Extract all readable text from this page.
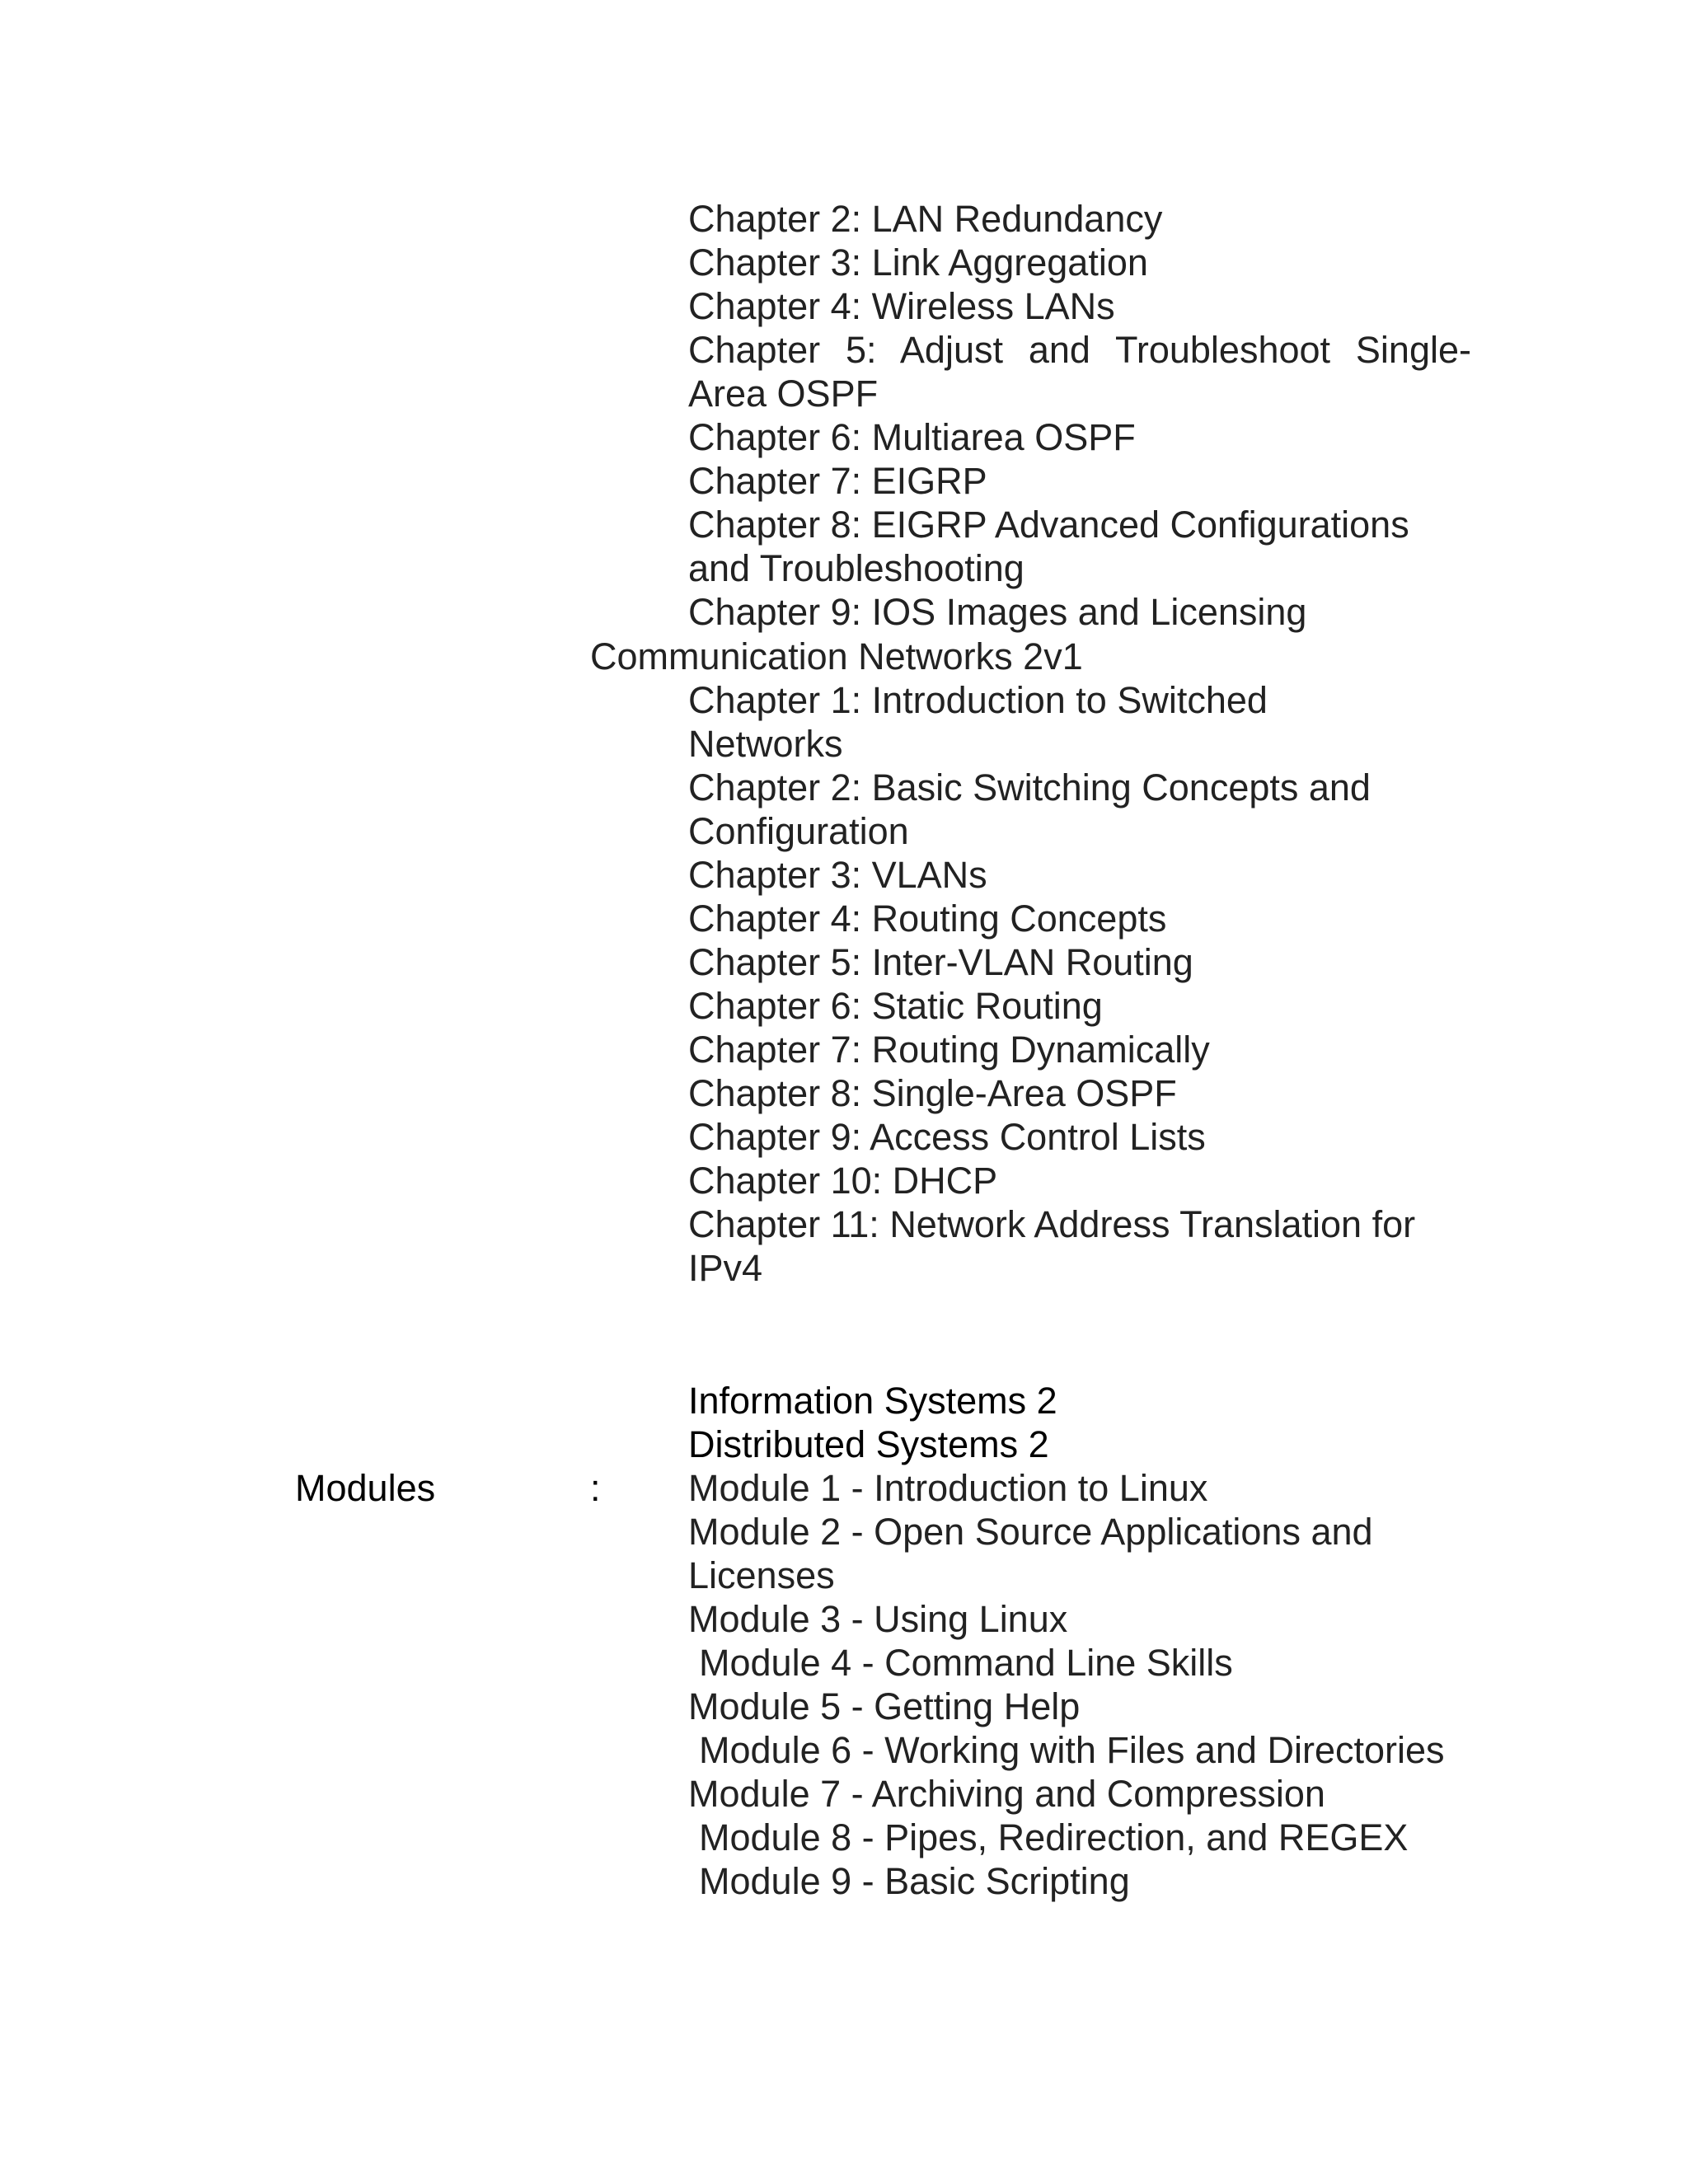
Chapter 2: LAN Redundancy
Chapter 3: Link Aggregation
Chapter 4: Wireless LANs
Chapter 5: Adjust and Troubleshoot Single-
Area OSPF
Chapter 6: Multiarea OSPF
Chapter 7: EIGRP
Chapter 8: EIGRP Advanced Configurations
and Troubleshooting
Chapter 9: IOS Images and Licensing
Communication Networks 2v1
Chapter 1: Introduction to Switched
Networks
Chapter 2: Basic Switching Concepts and
Configuration
Chapter 3: VLANs
Chapter 4: Routing Concepts
Chapter 5: Inter-VLAN Routing
Chapter 6: Static Routing
Chapter 7: Routing Dynamically
Chapter 8: Single-Area OSPF
Chapter 9: Access Control Lists
Chapter 10: DHCP
Chapter 11: Network Address Translation for
IPv4
Information Systems 2
Distributed Systems 2
Modules	: Module 1 - Introduction to Linux
Module 2 - Open Source Applications and
Licenses
Module 3 - Using Linux
Module 4 - Command Line Skills
Module 5 - Getting Help
Module 6 - Working with Files and Directories
Module 7 - Archiving and Compression
Module 8 - Pipes, Redirection, and REGEX
Module 9 - Basic Scripting
